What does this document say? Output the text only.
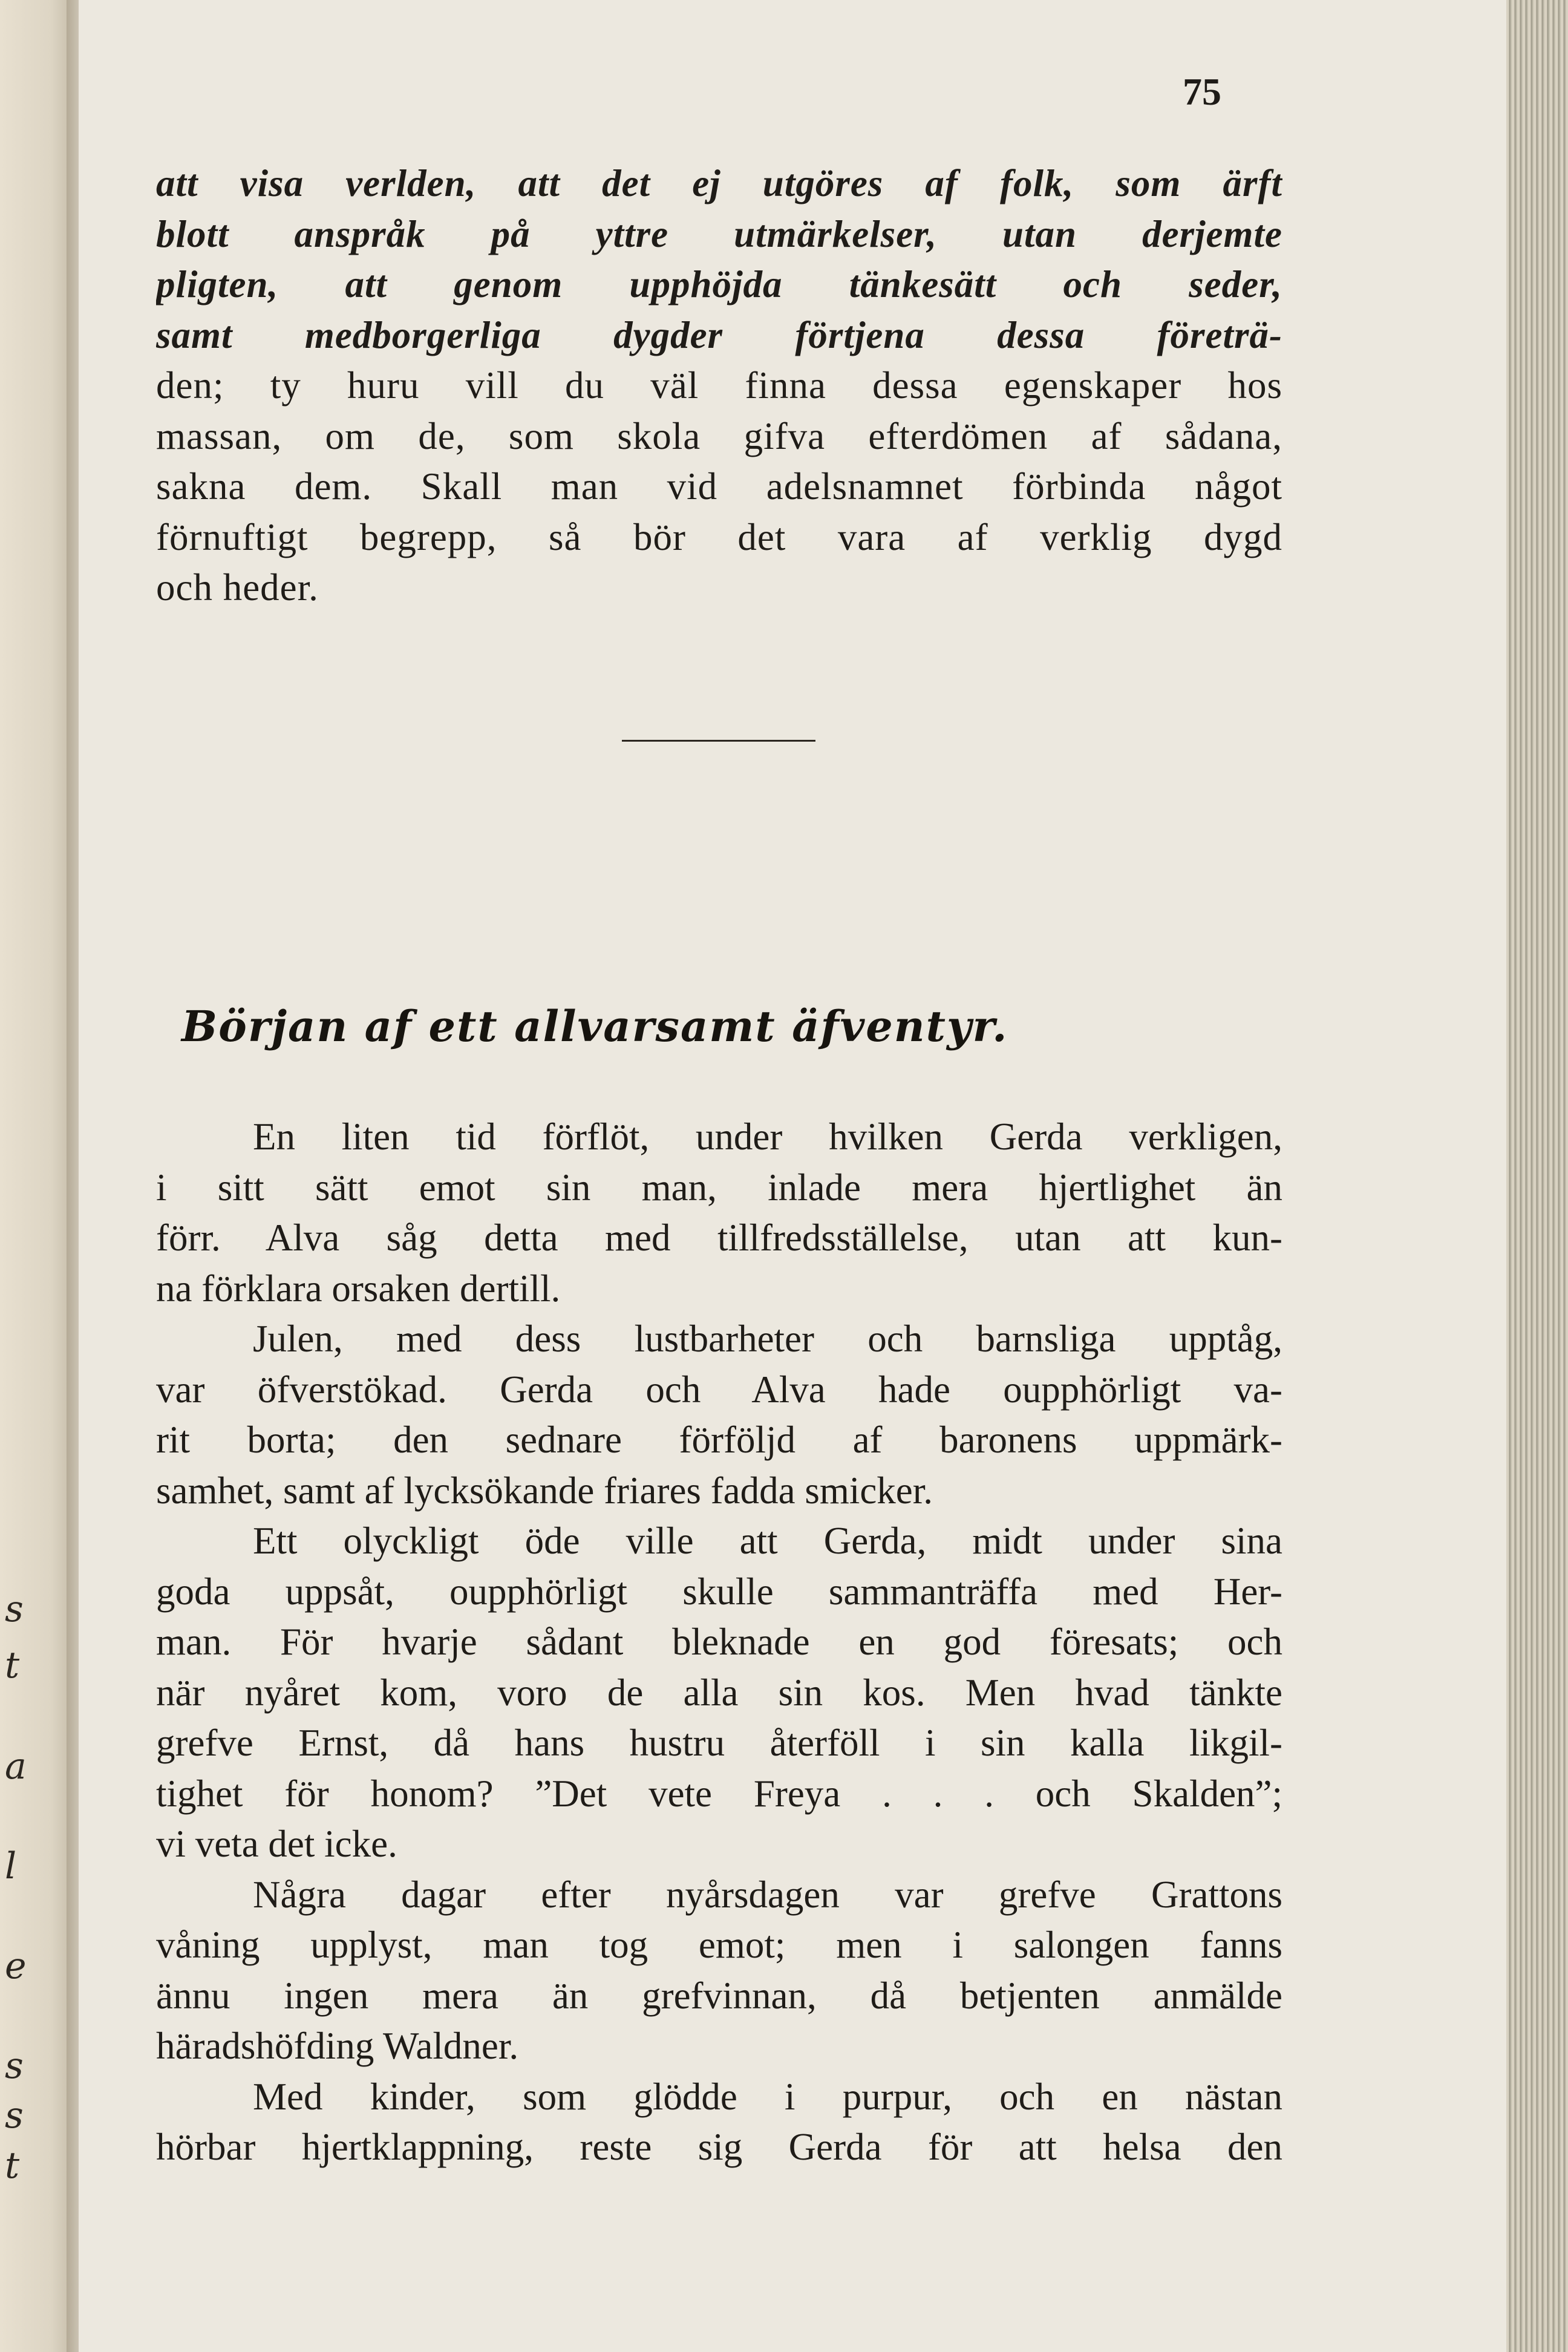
s
t
a
l
e
s
s
t
75
att visa verlden, att det ej utgöres af folk, som ärft
blott anspråk på yttre utmärkelser, utan derjemte
pligten, att genom upphöjda tänkesätt och seder,
samt medborgerliga dygder förtjena dessa företrä-
den; ty huru vill du väl finna dessa egenskaper hos
massan, om de, som skola gifva efterdömen af sådana,
sakna dem. Skall man vid adelsnamnet förbinda något
förnuftigt begrepp, så bör det vara af verklig dygd
och heder.
Början af ett allvarsamt äfventyr.
En liten tid förflöt, under hvilken Gerda verkligen,
i sitt sätt emot sin man, inlade mera hjertlighet än
förr. Alva såg detta med tillfredsställelse, utan att kun-
na förklara orsaken dertill.
Julen, med dess lustbarheter och barnsliga upptåg,
var öfverstökad. Gerda och Alva hade oupphörligt va-
rit borta; den sednare förföljd af baronens uppmärk-
samhet, samt af lycksökande friares fadda smicker.
Ett olyckligt öde ville att Gerda, midt under sina
goda uppsåt, oupphörligt skulle sammanträffa med Her-
man. För hvarje sådant bleknade en god föresats; och
när nyåret kom, voro de alla sin kos. Men hvad tänkte
grefve Ernst, då hans hustru återföll i sin kalla likgil-
tighet för honom? ”Det vete Freya . . . och Skalden”;
vi veta det icke.
Några dagar efter nyårsdagen var grefve Grattons
våning upplyst, man tog emot; men i salongen fanns
ännu ingen mera än grefvinnan, då betjenten anmälde
häradshöfding Waldner.
Med kinder, som glödde i purpur, och en nästan
hörbar hjertklappning, reste sig Gerda för att helsa den
